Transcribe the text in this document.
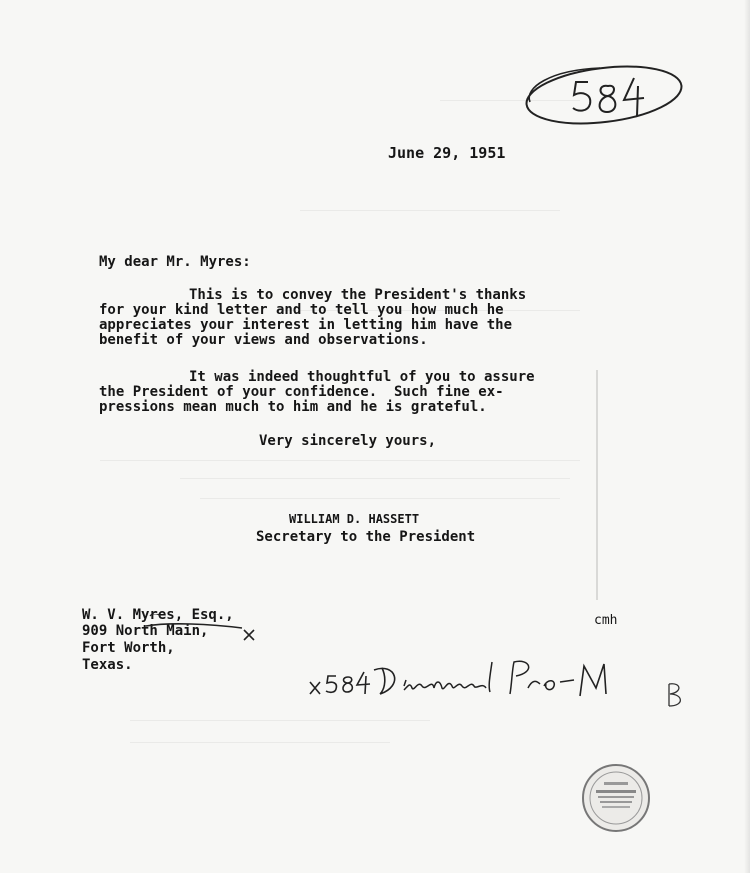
June 29, 1951
My dear Mr. Myres:
This is to convey the President's thanks
for your kind letter and to tell you how much he
appreciates your interest in letting him have the
benefit of your views and observations.
It was indeed thoughtful of you to assure
the President of your confidence.  Such fine ex-
pressions mean much to him and he is grateful.
Very sincerely yours,
WILLIAM D. HASSETT
Secretary to the President
cmh
W. V. Myres, Esq.,
909 North Main,
Fort Worth,
Texas.
